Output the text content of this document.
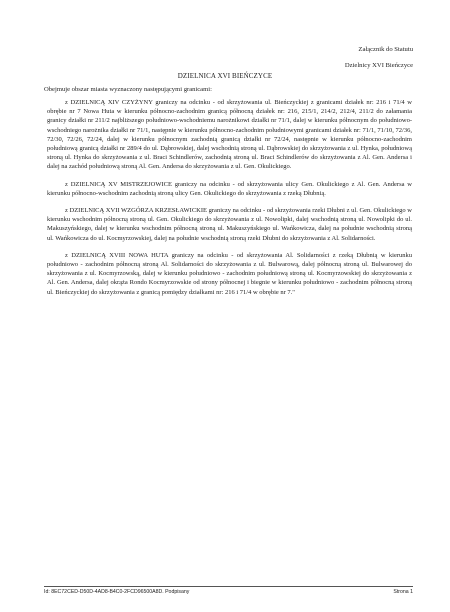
Załącznik do Statutu
Dzielnicy XVI Bieńczyce
DZIELNICA XVI BIEŃCZYCE
Obejmuje obszar miasta wyznaczony następującymi granicami:

z DZIELNICĄ XIV CZYŻYNY graniczy na odcinku - od skrzyżowania ul. Bieńczyckiej z granicami działek nr: 216 i 71/4 w obrębie nr 7 Nowa Huta w kierunku północno-zachodnim granicą północną działek nr: 216, 215/1, 214/2, 212/4, 211/2 do załamania granicy działki nr 211/2 najbliższego południowo-wschodniemu narożnikowi działki nr 71/1, dalej w kierunku północnym do południowo-wschodniego narożnika działki nr 71/1, następnie w kierunku północno-zachodnim południowymi granicami działek nr: 71/1, 71/10, 72/36, 72/30, 72/26, 72/24, dalej w kierunku północnym zachodnią granicą działki nr 72/24, następnie w kierunku północno-zachodnim południową granicą działki nr 289/4 do ul. Dąbrowskiej, dalej wschodnią stroną ul. Dąbrowskiej do skrzyżowania z ul. Hynka, południową stroną ul. Hynka do skrzyżowania z ul. Braci Schindlerów, zachodnią stroną ul. Braci Schindlerów do skrzyżowania z Al. Gen. Andersa i dalej na zachód południową stroną Al. Gen. Andersa do skrzyżowania z ul. Gen. Okulickiego.

z DZIELNICĄ XV MISTRZEJOWICE graniczy na odcinku - od skrzyżowania ulicy Gen. Okulickiego z Al. Gen. Andersa w kierunku północno-wschodnim zachodnią stroną ulicy Gen. Okulickiego do skrzyżowania z rzeką Dłubnią.

z DZIELNICĄ XVII WZGÓRZA KRZESŁAWICKIE graniczy na odcinku - od skrzyżowania rzeki Dłubni z ul. Gen. Okulickiego w kierunku wschodnim północną stroną ul. Gen. Okulickiego do skrzyżowania z ul. Nowolipki, dalej wschodnią stroną ul. Nowolipki do ul. Makuszyńskiego, dalej w kierunku wschodnim północną stroną ul. Makuszyńskiego ul. Wańkowicza, dalej na południe wschodnią stroną ul. Wańkowicza do ul. Kocmyrzowskiej, dalej na południe wschodnią stroną rzeki Dłubni do skrzyżowania z Al. Solidarności.

z DZIELNICĄ XVIII NOWA HUTA graniczy na odcinku - od skrzyżowania Al. Solidarności z rzeką Dłubnią w kierunku południowo - zachodnim północną stroną Al. Solidarności do skrzyżowania z ul. Bulwarową, dalej północną stroną ul. Bulwarowej do skrzyżowania z ul. Kocmyrzowską, dalej w kierunku południowo - zachodnim południową stroną ul. Kocmyrzowskiej do skrzyżowania z Al. Gen. Andersa, dalej okrąża Rondo Kocmyrzowskie od strony północnej i biegnie w kierunku południowo - zachodnim północną stroną ul. Bieńczyckiej do skrzyżowania z granicą pomiędzy działkami nr: 216 i 71/4 w obrębie nr 7."

Id: 8EC72CED-D50D-4AD8-B4C0-2FCD96500A8D. Podpisany	Strona 1
